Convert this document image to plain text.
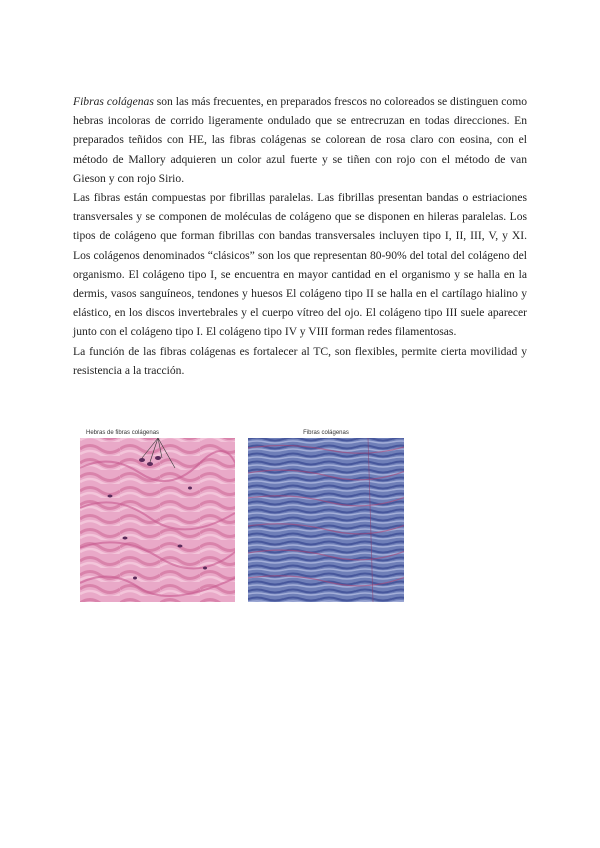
Fibras colágenas son las más frecuentes, en preparados frescos no coloreados se distinguen como hebras incoloras de corrido ligeramente ondulado que se entrecruzan en todas direcciones. En preparados teñidos con HE, las fibras colágenas se colorean de rosa claro con eosina, con el método de Mallory adquieren un color azul fuerte y se tiñen con rojo con el método de van Gieson y con rojo Sirio.

Las fibras están compuestas por fibrillas paralelas. Las fibrillas presentan bandas o estriaciones transversales y se componen de moléculas de colágeno que se disponen en hileras paralelas. Los tipos de colágeno que forman fibrillas con bandas transversales incluyen tipo I, II, III, V, y XI. Los colágenos denominados “clásicos” son los que representan 80-90% del total del colágeno del organismo. El colágeno tipo I, se encuentra en mayor cantidad en el organismo y se halla en la dermis, vasos sanguíneos, tendones y huesos El colágeno tipo II se halla en el cartílago hialino y elástico, en los discos invertebrales y el cuerpo vítreo del ojo. El colágeno tipo III suele aparecer junto con el colágeno tipo I. El colágeno tipo IV y VIII forman redes filamentosas.

La función de las fibras colágenas es fortalecer al TC, son flexibles, permite cierta movilidad y resistencia a la tracción.

Hebras de fibras colágenas	Fibras colágenas
